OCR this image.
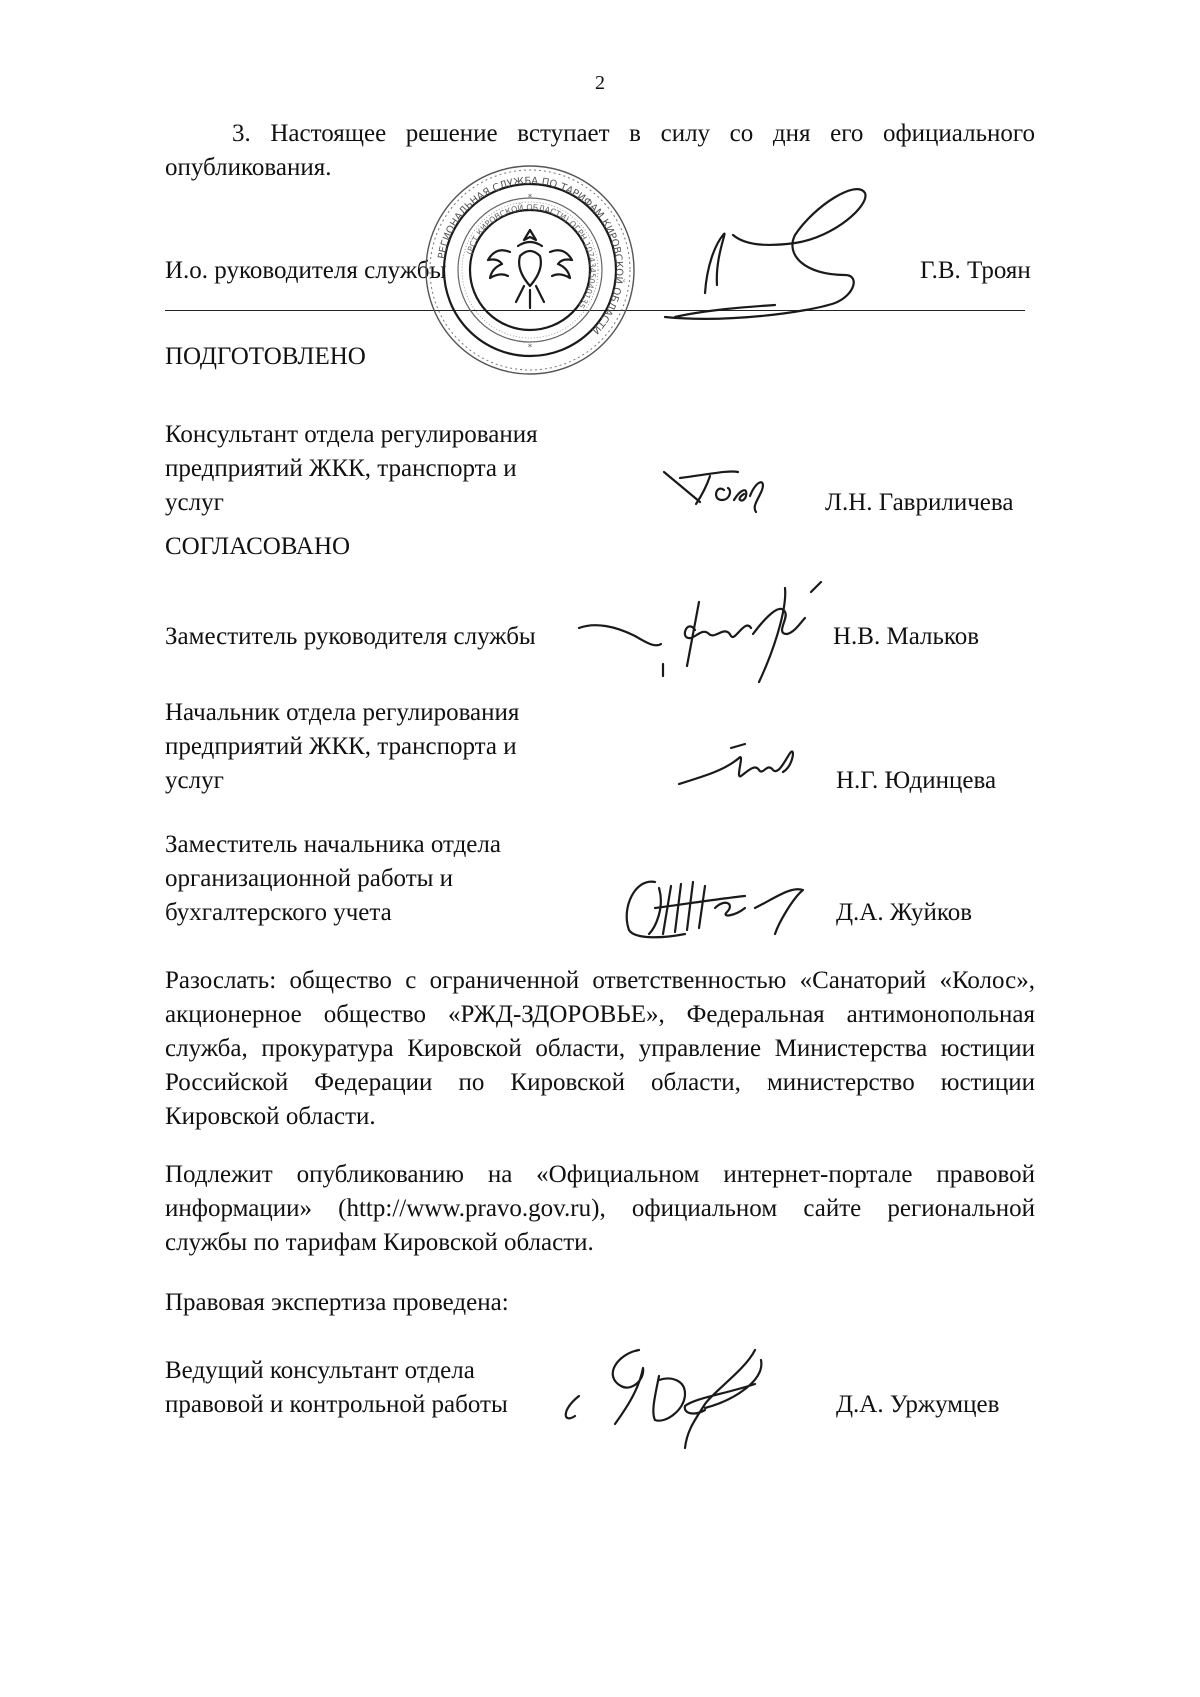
2
3. Настоящее решение вступает в силу со дня его официального
опубликования.
И.о. руководителя службы	Г.В. Троян
*
*
РЕГИОНАЛЬНАЯ СЛУЖБА ПО ТАРИФАМ КИРОВСКОЙ ОБЛАСТИ
(РСТ КИРОВСКОЙ ОБЛАСТИ) ОГРН 1074345040135
ПОДГОТОВЛЕНО
Консультант отдела регулирования
предприятий ЖКК, транспорта и
услуг	Л.Н. Гавриличева
СОГЛАСОВАНО
Заместитель руководителя службы	Н.В. Мальков
Начальник отдела регулирования
предприятий ЖКК, транспорта и
услуг	Н.Г. Юдинцева
Заместитель начальника отдела
организационной работы и
бухгалтерского учета	Д.А. Жуйков
Разослать: общество с ограниченной ответственностью «Санаторий «Колос»,
акционерное общество «РЖД-ЗДОРОВЬЕ», Федеральная антимонопольная
служба, прокуратура Кировской области, управление Министерства юстиции
Российской Федерации по Кировской области, министерство юстиции
Кировской области.
Подлежит опубликованию на «Официальном интернет-портале правовой
информации» (http://www.pravo.gov.ru), официальном сайте региональной
службы по тарифам Кировской области.
Правовая экспертиза проведена:
Ведущий консультант отдела
правовой и контрольной работы	Д.А. Уржумцев
